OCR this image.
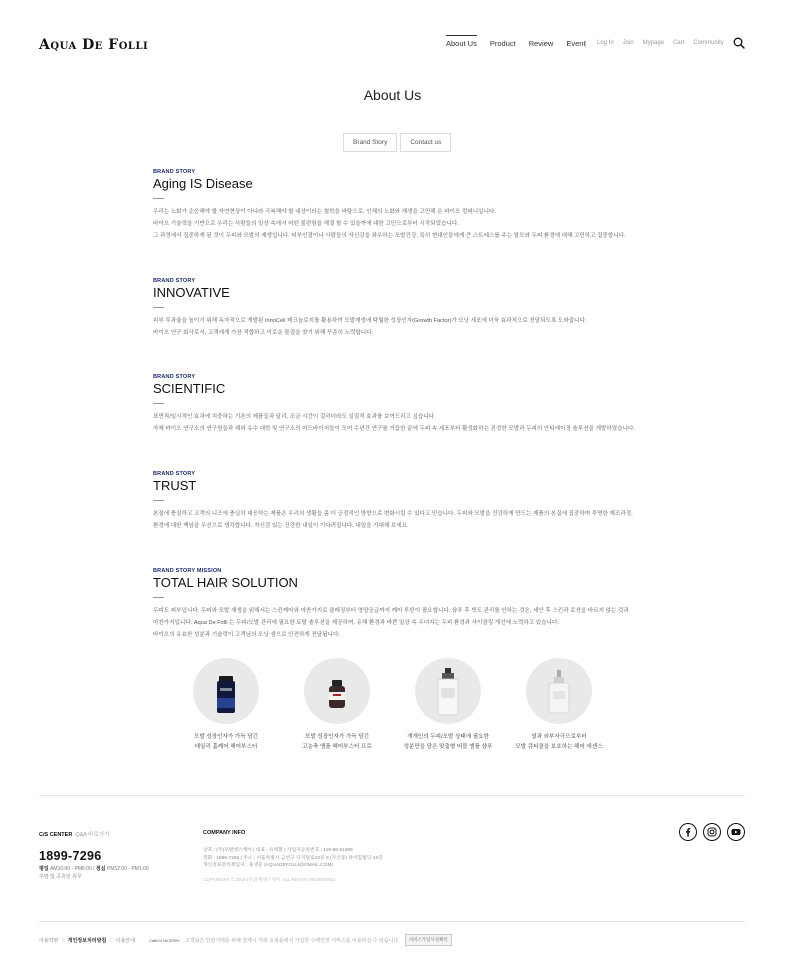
Aqua De Folli	About Us Product Review Event Log In Join Mypage Cart Community
About Us
Brand Story	Contact us
BRAND STORY
Aging IS Disease

우리는 노화가 순응해야 할 자연현상이 아니라 극복해야 할 대상이라는 철학을 바탕으로, 인체의 노화와 재생을 고민해 온 바이오 컴퍼니입니다.

바이오 기술력을 기반으로 우리는 사람들의 일상 속에서 어떤 불편함을 해결 할 수 있을까에 대한 고민으로부터 시작되었습니다.

그 과정에서 집중하게 된 것이 두피와 모발의 재생입니다. 피부인결이나 사람들의 자신감을 좌우하는 모발건강, 특히 현대인들에게 큰 스트레스를 주는 탈모와 두피 환경에 대해 고민하고 집중합니다.

BRAND STORY
INNOVATIVE

피부 투과율을 높이기 위해 독자적으로 개발된 InnoCell 테크놀로지를 활용하여 모발재생에 탁월한 성장인자(Growth Factor)가 모낭 세포에 더욱 효과적으로 전달되도록 도와줍니다.

바이오 연구 회사로서, 고객에게 가장 적합하고 이로운 물질을 찾기 위해 꾸준히 노력합니다.

BRAND STORY
SCIENTIFIC

표면적/일시적인 효과에 치중하는 기존의 제품들과 달리, 조금 시간이 걸리더라도 실질적 효과를 보여드리고 싶습니다.

자체 바이오 연구소의 연구원들과 해외 유수 대학 및 연구소의 어드바이저들이 모여 수년간 연구를 거듭한 끝에 두피 속 세포부터 활성화하는 진정한 모발과 두피의 안티에이징 솔루션을 개발하였습니다.

BRAND STORY
TRUST

본질에 충실하고 고객의 니즈에 충실히 대응하는 제품은 우리의 생활을 좀 더 긍정적인 방향으로 변화시킬 수 있다고 믿습니다. 두피와 모발을 건강하게 만드는 제품의 본질에 집중하며 투명한 제조과정,

환경에 대한 책임을 우선으로 생각합니다. 자신감 있는 건강한 내일이 기다려집니다. 내일을 기대해 보세요.

BRAND STORY MISSION
TOTAL HAIR SOLUTION

두피도 피부입니다. 두피와 모발 재생을 위해서는 스킨케어와 마찬가지로 클레징부터 영양공급까지 케어 루틴이 필요합니다. 샴푸 후 빗도 관리를 안하는 것은, 세안 후 스킨과 로션을 바르지 않는 것과

마찬가지입니다. Aqua De Folli 는 두피/모발 관리에 필요한 토탈 솔루션을 제공하며, 유해 환경과 바쁜 일상 속 우녀지는 두피 환경과 사이클링 개선에 노력하고 있습니다.

바이오의 유효한 성분과 기술력이 고객님의 모낭 샘으로 안전하게 전달됩니다.

모발 성장인자가 가득 담긴
데일리 홈케어 헤어부스터
모발 성장인자가 가득 담긴
고농축 앰플 헤어부스터 프로
개개인의 두피/모발 상태에 필요한
성분만을 담은 맞춤형 버블 앰플 샴푸
열과 외부자극으로부터
모발 큐티클을 보호하는 헤어 에센스
C/S CENTER Q&A 바로가기
1899-7296
평일 AM10:00 - PM6:00 / 점심 PM12:00 - PM1:00
주말 및 공휴일 휴무
COMPANY INFO
상호 : (주)모발엔스케어 | 대표 : 유벽환 | 사업자등록번호 : 119-86-51965
전화 : 1899-7296 | 주소 : 서울특별시 금천구 디지털로10길 9 (가산동) 하이힐빌딩 12층
개인정보관리책임자 : 홍생준 (AQUADEFOLLI@GMAIL.COM)
COPYRIGHT © 2019 (주)모발엔스케어. ALL RIGHTS RESERVED.
이용약관 | 개인정보처리방침 | 이용안내	Cafe24 NICEPAY 고객님은 안전거래를 위해 결제시 저희 쇼핑몰에서 가입한 구매안전 서비스를 이용하실 수 있습니다.	서비스가입사실확인
